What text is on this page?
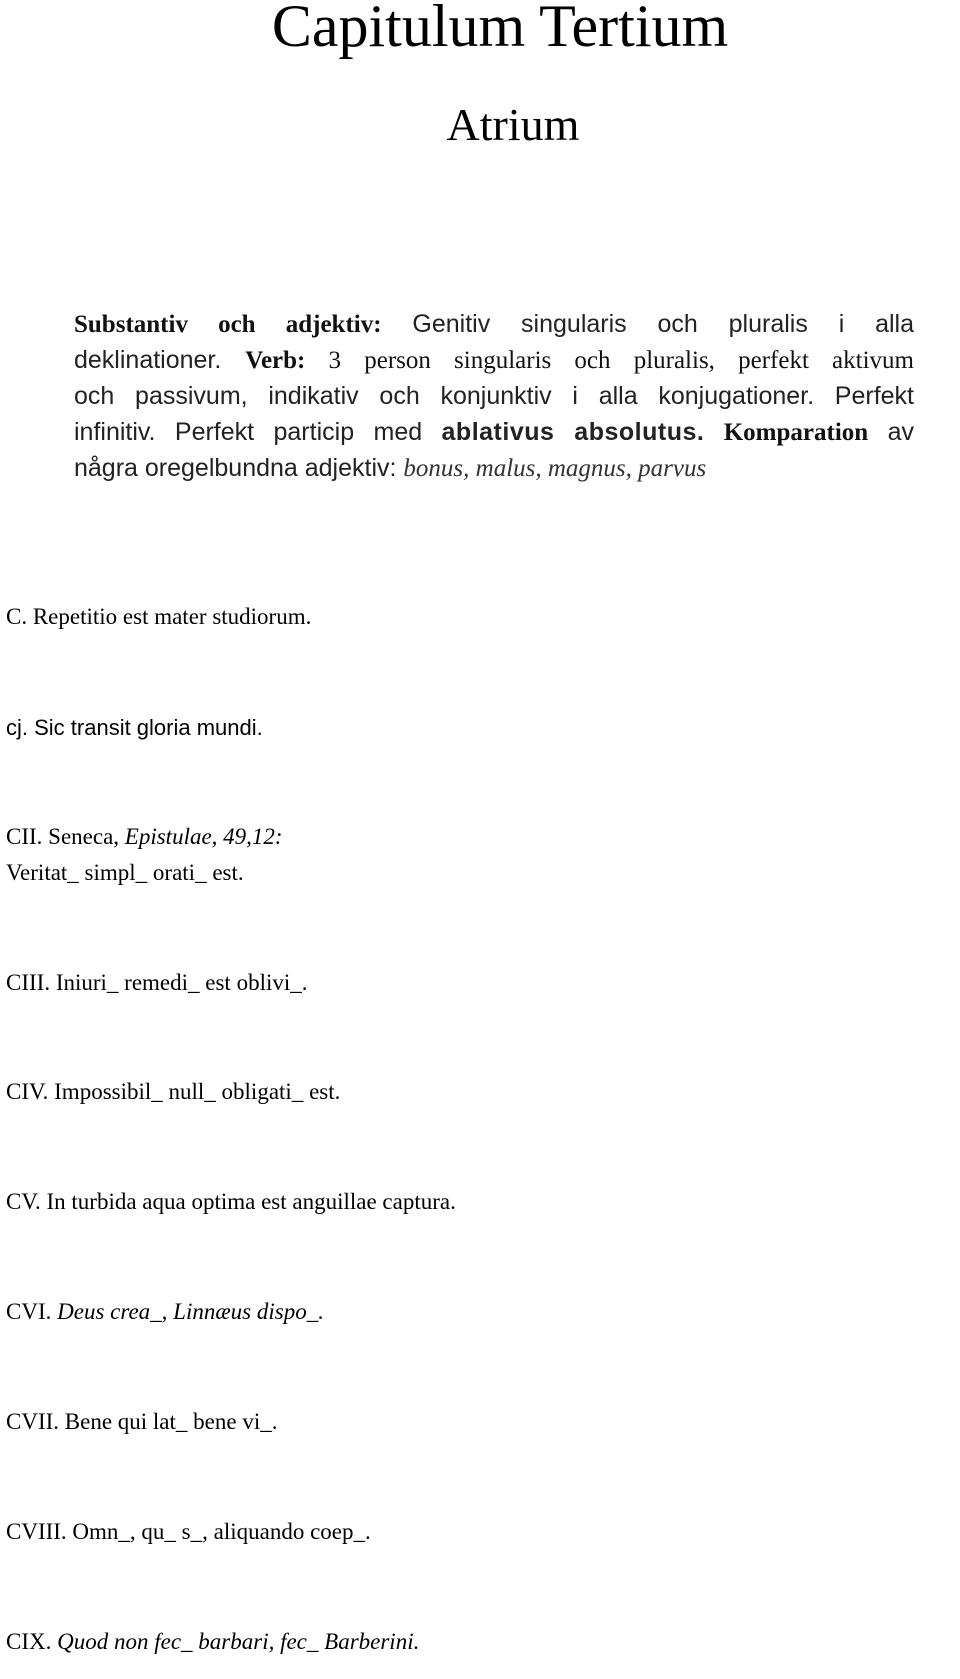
Capitulum Tertium
Atrium
Substantiv och adjektiv: Genitiv singularis och pluralis i alla
deklinationer. Verb: 3 person singularis och pluralis, perfekt aktivum
och passivum, indikativ och konjunktiv i alla konjugationer. Perfekt
infinitiv. Perfekt particip med ablativus absolutus. Komparation av
några oregelbundna adjektiv: bonus, malus, magnus, parvus
C. Repetitio est mater studiorum.
cj. Sic transit gloria mundi.
CII. Seneca, Epistulae, 49,12:
Veritat_ simpl_ orati_ est.
CIII. Iniuri_ remedi_ est oblivi_.
CIV. Impossibil_ null_ obligati_ est.
CV. In turbida aqua optima est anguillae captura.
CVI. Deus crea_, Linnæus dispo_.
CVII. Bene qui lat_ bene vi_.
CVIII. Omn_, qu_ s_, aliquando coep_.
CIX. Quod non fec_ barbari, fec_ Barberini.
